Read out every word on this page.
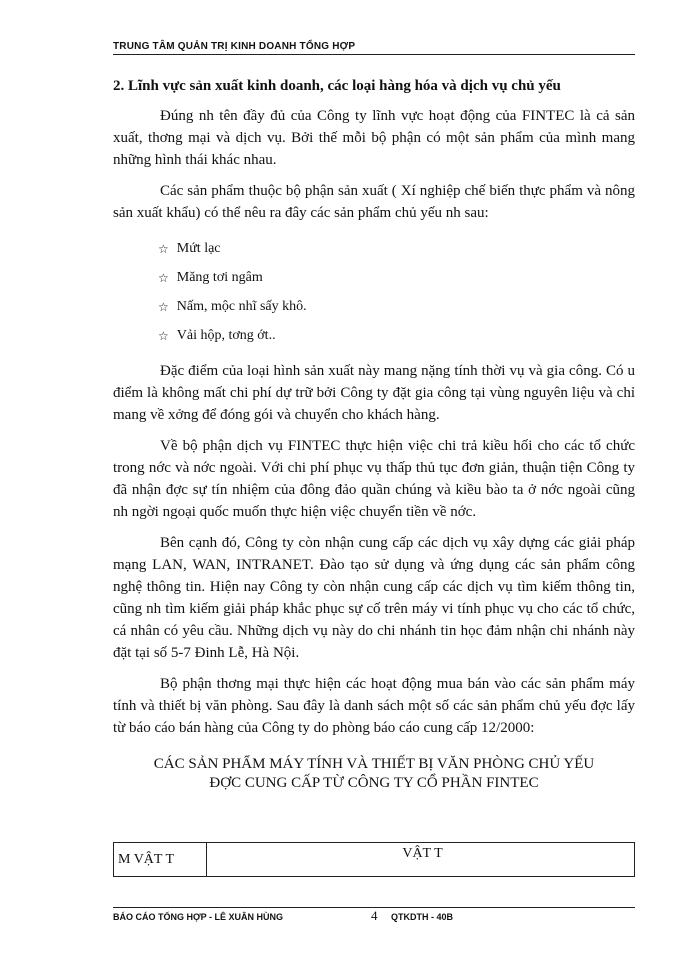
TRUNG TÂM QUẢN TRỊ KINH DOANH TỔNG HỢP
2. Lĩnh vực sản xuất kinh doanh, các loại hàng hóa và dịch vụ chủ yếu

Đúng nh tên đầy đủ của Công ty lĩnh vực hoạt động của FINTEC là cả sản xuất, thơng mại và dịch vụ. Bởi thế mỗi bộ phận có một sản phẩm của mình mang những hình thái khác nhau.

Các sản phẩm thuộc bộ phận sản xuất ( Xí nghiệp chế biến thực phẩm và nông sản xuất khẩu) có thể nêu ra đây các sản phẩm chủ yếu nh sau:

☆ Mứt lạc
☆ Măng tơi ngâm
☆ Nấm, mộc nhĩ sấy khô.
☆ Vải hộp, tơng ớt..

Đặc điểm của loại hình sản xuất này mang nặng tính thời vụ và gia công. Có u điểm là không mất chi phí dự trữ bởi Công ty đặt gia công tại vùng nguyên liệu và chỉ mang về xởng để đóng gói và chuyển cho khách hàng.

Về bộ phận dịch vụ FINTEC thực hiện việc chi trả kiều hối cho các tổ chức trong nớc và nớc ngoài. Với chi phí phục vụ thấp thủ tục đơn giản, thuận tiện Công ty đã nhận đợc sự tín nhiệm của đông đảo quần chúng và kiều bào ta ở nớc ngoài cũng nh ngời ngoại quốc muốn thực hiện việc chuyển tiền về nớc.

Bên cạnh đó, Công ty còn nhận cung cấp các dịch vụ xây dựng các giải pháp mạng LAN, WAN, INTRANET. Đào tạo sử dụng và ứng dụng các sản phẩm công nghệ thông tin. Hiện nay Công ty còn nhận cung cấp các dịch vụ tìm kiếm thông tin, cũng nh tìm kiếm giải pháp khắc phục sự cố trên máy vi tính phục vụ cho các tổ chức, cá nhân có yêu cầu. Những dịch vụ này do chi nhánh tin học đảm nhận chi nhánh này đặt tại số 5-7 Đinh Lễ, Hà Nội.

Bộ phận thơng mại thực hiện các hoạt động mua bán vào các sản phẩm máy tính và thiết bị văn phòng. Sau đây là danh sách một số các sản phẩm chủ yếu đợc lấy từ báo cáo bán hàng của Công ty do phòng báo cáo cung cấp 12/2000:

CÁC SẢN PHẨM MÁY TÍNH VÀ THIẾT BỊ VĂN PHÒNG CHỦ YẾU
ĐỢC CUNG CẤP TỪ CÔNG TY CỔ PHẦN FINTEC
M VẬT T	VẬT T
BÁO CÁO TỔNG HỢP - LÊ XUÂN HÙNG	4 QTKDTH - 40B
